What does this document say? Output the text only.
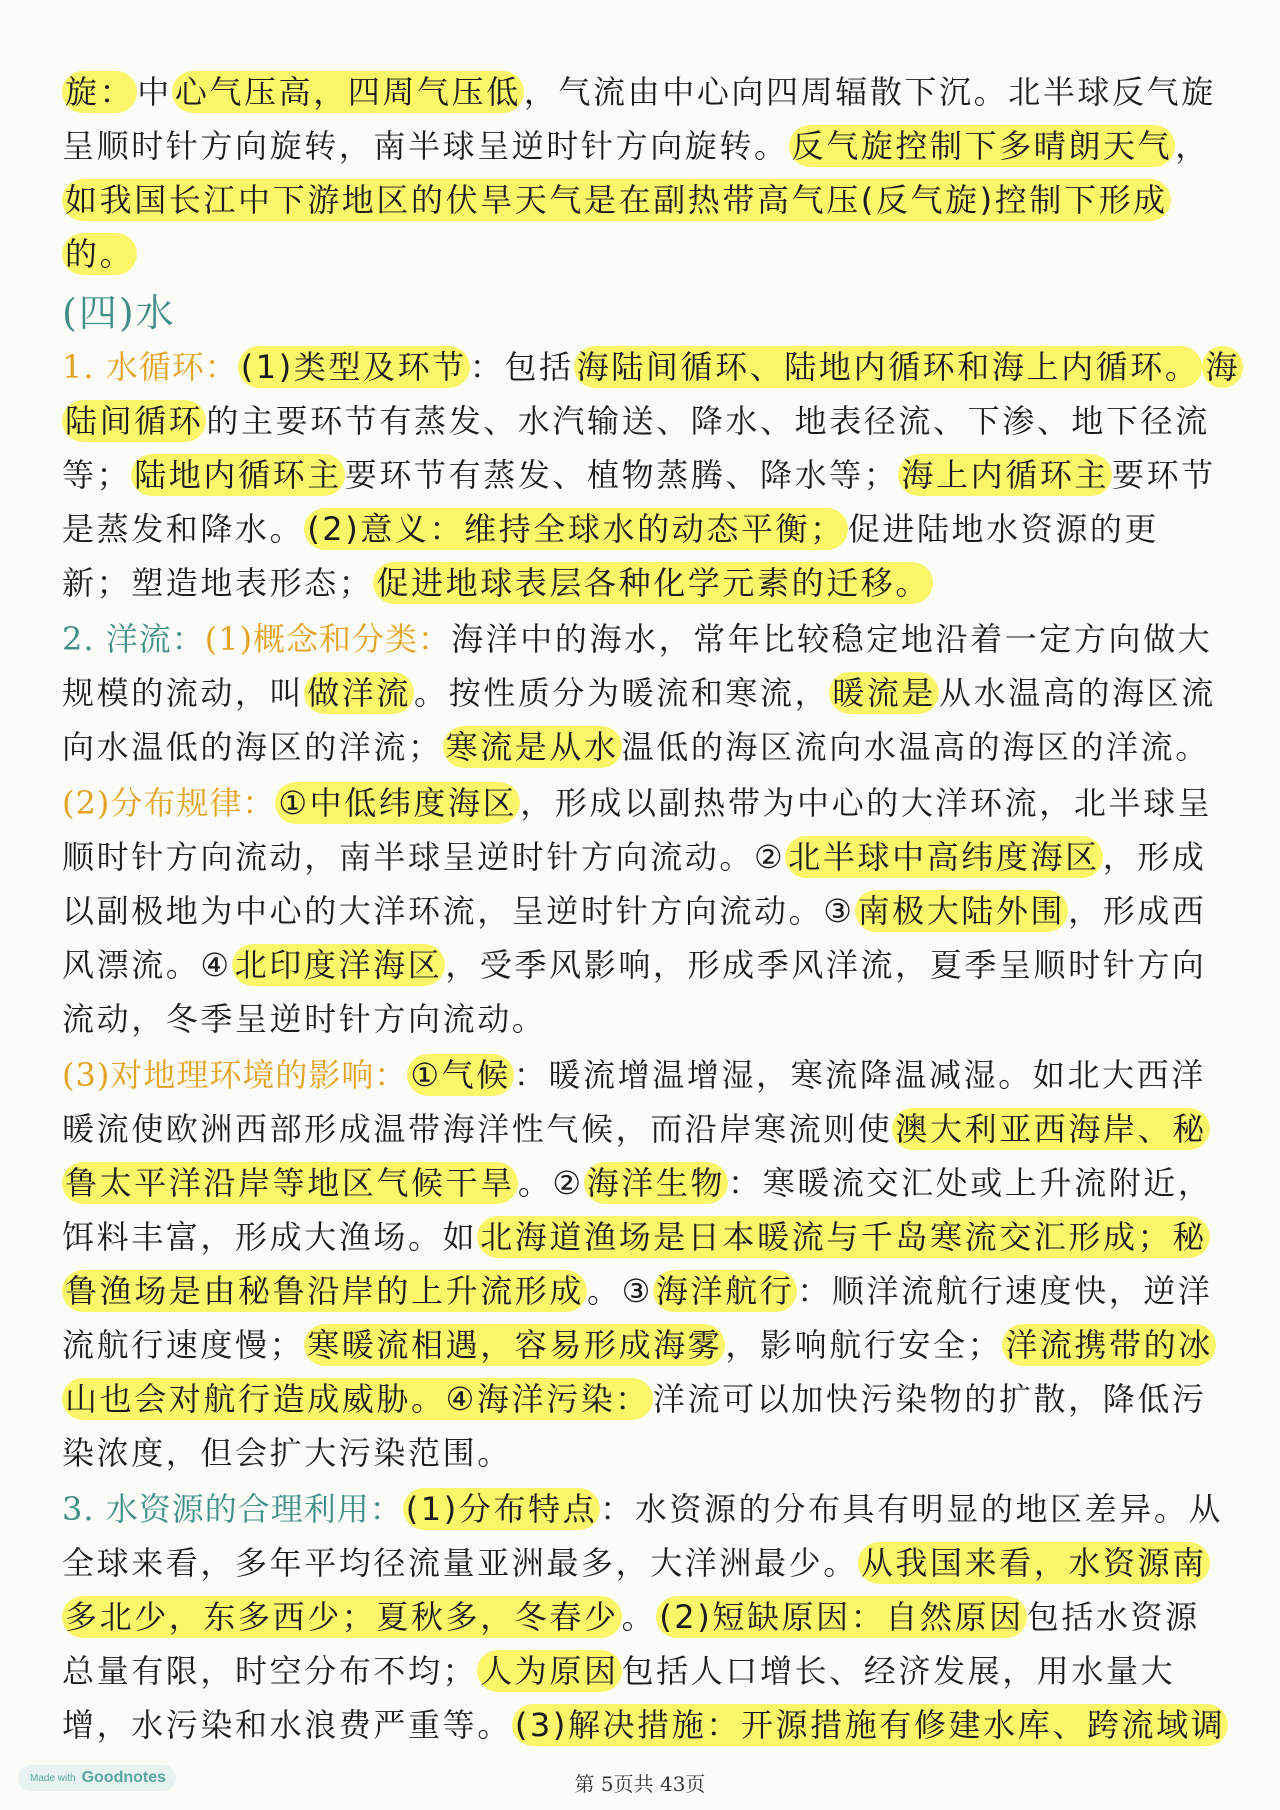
旋：中心气压高，四周气压低，气流由中心向四周辐散下沉。北半球反气旋
呈顺时针方向旋转，南半球呈逆时针方向旋转。反气旋控制下多晴朗天气，
如我国长江中下游地区的伏旱天气是在副热带高气压(反气旋)控制下形成
的。
(四)水
1. 水循环：(1)类型及环节：包括海陆间循环、陆地内循环和海上内循环。 海
陆间循环的主要环节有蒸发、水汽输送、降水、地表径流、下渗、地下径流
等；陆地内循环主要环节有蒸发、植物蒸腾、降水等；海上内循环主要环节
是蒸发和降水。(2)意义：维持全球水的动态平衡；促进陆地水资源的更
新；塑造地表形态；促进地球表层各种化学元素的迁移。
2. 洋流：(1)概念和分类：海洋中的海水，常年比较稳定地沿着一定方向做大
规模的流动，叫做洋流。按性质分为暖流和寒流，暖流是从水温高的海区流
向水温低的海区的洋流；寒流是从水温低的海区流向水温高的海区的洋流。
(2)分布规律：①中低纬度海区，形成以副热带为中心的大洋环流，北半球呈
顺时针方向流动，南半球呈逆时针方向流动。②北半球中高纬度海区，形成
以副极地为中心的大洋环流，呈逆时针方向流动。③南极大陆外围，形成西
风漂流。④北印度洋海区，受季风影响，形成季风洋流，夏季呈顺时针方向
流动，冬季呈逆时针方向流动。
(3)对地理环境的影响：①气候：暖流增温增湿，寒流降温减湿。如北大西洋
暖流使欧洲西部形成温带海洋性气候，而沿岸寒流则使澳大利亚西海岸、秘
鲁太平洋沿岸等地区气候干旱。②海洋生物：寒暖流交汇处或上升流附近，
饵料丰富，形成大渔场。如北海道渔场是日本暖流与千岛寒流交汇形成；秘
鲁渔场是由秘鲁沿岸的上升流形成。③海洋航行：顺洋流航行速度快，逆洋
流航行速度慢；寒暖流相遇，容易形成海雾，影响航行安全；洋流携带的冰
山也会对航行造成威胁。④海洋污染：洋流可以加快污染物的扩散，降低污
染浓度，但会扩大污染范围。
3. 水资源的合理利用：(1)分布特点：水资源的分布具有明显的地区差异。从
全球来看，多年平均径流量亚洲最多，大洋洲最少。从我国来看，水资源南
多北少，东多西少；夏秋多，冬春少。(2)短缺原因：自然原因包括水资源
总量有限，时空分布不均；人为原因包括人口增长、经济发展，用水量大
增，水污染和水浪费严重等。(3)解决措施：开源措施有修建水库、跨流域调
第 5页共 43页
Made with Goodnotes
